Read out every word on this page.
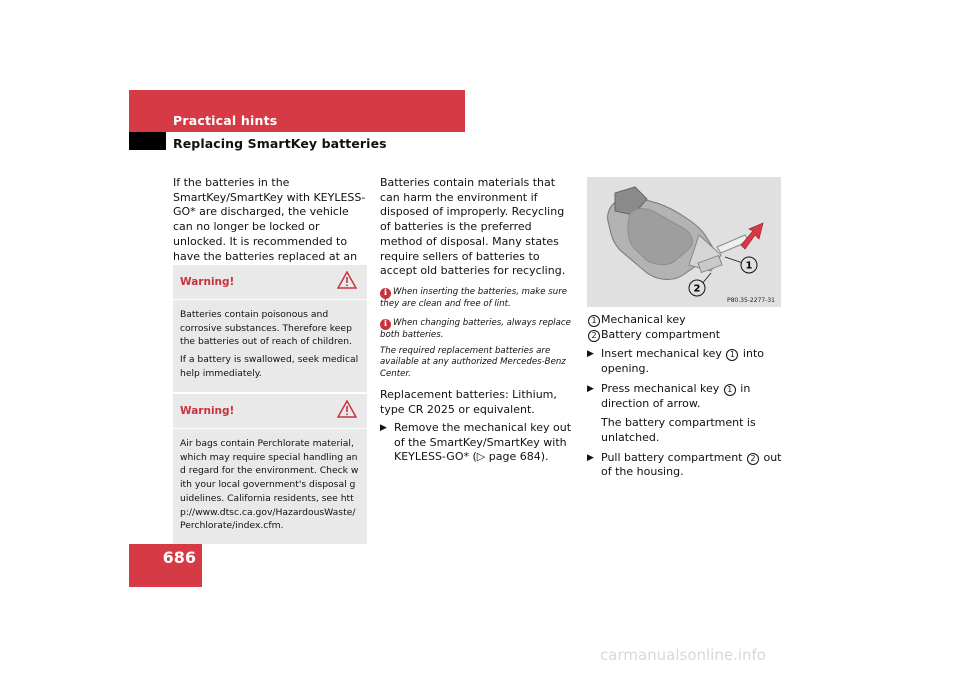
Practical hints
Replacing SmartKey batteries

If the batteries in the SmartKey/SmartKey with KEYLESS-GO* are discharged, the vehicle can no longer be locked or unlocked. It is recommended to have the batteries replaced at an

Warning!

Batteries contain poisonous and corrosive substances. Therefore keep the batteries out of reach of children.

If a battery is swallowed, seek medical help immediately.

Warning!

Air bags contain Perchlorate material, which may require special handling and regard for the environment. Check with your local government's disposal guidelines. California residents, see http://www.dtsc.ca.gov/HazardousWaste/Perchlorate/index.cfm.

Batteries contain materials that can harm the environment if disposed of improperly. Recycling of batteries is the preferred method of disposal. Many states require sellers of batteries to accept old batteries for recycling.

i When inserting the batteries, make sure they are clean and free of lint.
i When changing batteries, always replace both batteries.
The required replacement batteries are available at any authorized Mercedes-Benz Center.

Replacement batteries: Lithium, type CR 2025 or equivalent.

▶ Remove the mechanical key out of the SmartKey/SmartKey with KEYLESS-GO* (▷ page 684).
1
2
P80.35-2277-31

1 Mechanical key

2 Battery compartment

▶ Insert mechanical key 1 into opening.
▶ Press mechanical key 1 in direction of arrow.

The battery compartment is unlatched.

▶ Pull battery compartment 2 out of the housing.
686
carmanualsonline.info
